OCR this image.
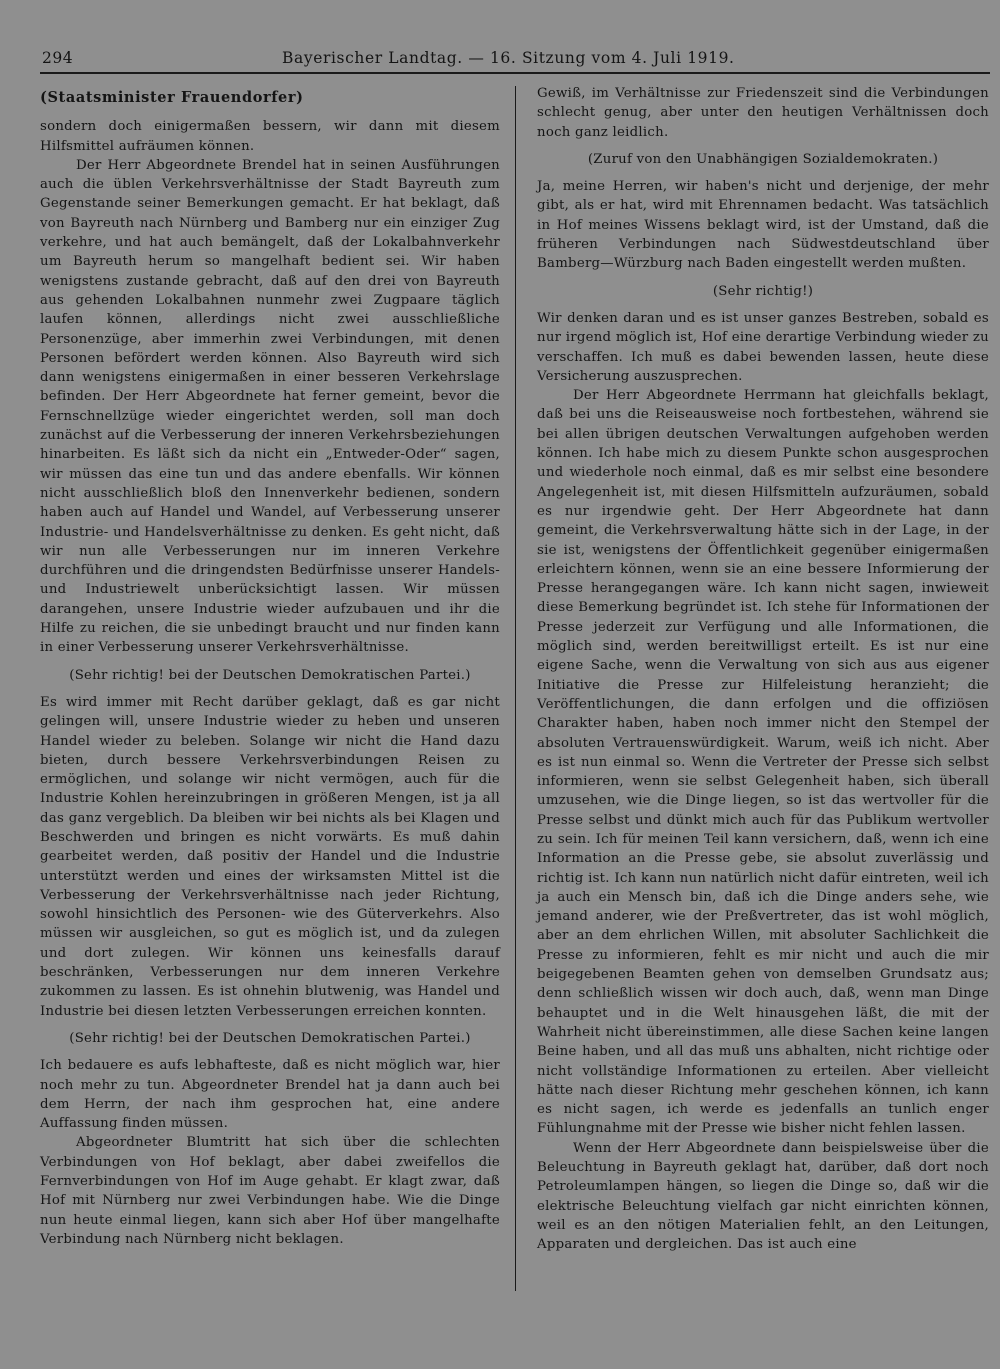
294	Bayerischer Landtag. — 16. Sitzung vom 4. Juli 1919.

(Staatsminister Frauendorfer)

sondern doch einigermaßen bessern, wir dann mit diesem Hilfsmittel aufräumen können.

Der Herr Abgeordnete Brendel hat in seinen Ausführungen auch die üblen Verkehrsverhältnisse der Stadt Bayreuth zum Gegenstande seiner Bemerkungen gemacht. Er hat beklagt, daß von Bayreuth nach Nürnberg und Bamberg nur ein einziger Zug verkehre, und hat auch bemängelt, daß der Lokalbahnverkehr um Bayreuth herum so mangelhaft bedient sei. Wir haben wenigstens zustande gebracht, daß auf den drei von Bayreuth aus gehenden Lokalbahnen nunmehr zwei Zugpaare täglich laufen können, allerdings nicht zwei ausschließliche Personenzüge, aber immerhin zwei Verbindungen, mit denen Personen befördert werden können. Also Bayreuth wird sich dann wenigstens einigermaßen in einer besseren Verkehrslage befinden. Der Herr Abgeordnete hat ferner gemeint, bevor die Fernschnellzüge wieder eingerichtet werden, soll man doch zunächst auf die Verbesserung der inneren Verkehrsbeziehungen hinarbeiten. Es läßt sich da nicht ein „Entweder-Oder“ sagen, wir müssen das eine tun und das andere ebenfalls. Wir können nicht ausschließlich bloß den Innenverkehr bedienen, sondern haben auch auf Handel und Wandel, auf Verbesserung unserer Industrie- und Handelsverhältnisse zu denken. Es geht nicht, daß wir nun alle Verbesserungen nur im inneren Verkehre durchführen und die dringendsten Bedürfnisse unserer Handels- und Industriewelt unberücksichtigt lassen. Wir müssen darangehen, unsere Industrie wieder aufzubauen und ihr die Hilfe zu reichen, die sie unbedingt braucht und nur finden kann in einer Verbesserung unserer Verkehrsverhältnisse.

(Sehr richtig! bei der Deutschen Demokratischen Partei.)

Es wird immer mit Recht darüber geklagt, daß es gar nicht gelingen will, unsere Industrie wieder zu heben und unseren Handel wieder zu beleben. Solange wir nicht die Hand dazu bieten, durch bessere Verkehrsverbindungen Reisen zu ermöglichen, und solange wir nicht vermögen, auch für die Industrie Kohlen hereinzubringen in größeren Mengen, ist ja all das ganz vergeblich. Da bleiben wir bei nichts als bei Klagen und Beschwerden und bringen es nicht vorwärts. Es muß dahin gearbeitet werden, daß positiv der Handel und die Industrie unterstützt werden und eines der wirksamsten Mittel ist die Verbesserung der Verkehrsverhältnisse nach jeder Richtung, sowohl hinsichtlich des Personen- wie des Güterverkehrs. Also müssen wir ausgleichen, so gut es möglich ist, und da zulegen und dort zulegen. Wir können uns keinesfalls darauf beschränken, Verbesserungen nur dem inneren Verkehre zukommen zu lassen. Es ist ohnehin blutwenig, was Handel und Industrie bei diesen letzten Verbesserungen erreichen konnten.

(Sehr richtig! bei der Deutschen Demokratischen Partei.)

Ich bedauere es aufs lebhafteste, daß es nicht möglich war, hier noch mehr zu tun. Abgeordneter Brendel hat ja dann auch bei dem Herrn, der nach ihm gesprochen hat, eine andere Auffassung finden müssen.

Abgeordneter Blumtritt hat sich über die schlechten Verbindungen von Hof beklagt, aber dabei zweifellos die Fernverbindungen von Hof im Auge gehabt. Er klagt zwar, daß Hof mit Nürnberg nur zwei Verbindungen habe. Wie die Dinge nun heute einmal liegen, kann sich aber Hof über mangelhafte Verbindung nach Nürnberg nicht beklagen.

Gewiß, im Verhältnisse zur Friedenszeit sind die Verbindungen schlecht genug, aber unter den heutigen Verhältnissen doch noch ganz leidlich.

(Zuruf von den Unabhängigen Sozialdemokraten.)

Ja, meine Herren, wir haben's nicht und derjenige, der mehr gibt, als er hat, wird mit Ehrennamen bedacht. Was tatsächlich in Hof meines Wissens beklagt wird, ist der Umstand, daß die früheren Verbindungen nach Südwestdeutschland über Bamberg—Würzburg nach Baden eingestellt werden mußten.

(Sehr richtig!)

Wir denken daran und es ist unser ganzes Bestreben, sobald es nur irgend möglich ist, Hof eine derartige Verbindung wieder zu verschaffen. Ich muß es dabei bewenden lassen, heute diese Versicherung auszusprechen.

Der Herr Abgeordnete Herrmann hat gleichfalls beklagt, daß bei uns die Reiseausweise noch fortbestehen, während sie bei allen übrigen deutschen Verwaltungen aufgehoben werden können. Ich habe mich zu diesem Punkte schon ausgesprochen und wiederhole noch einmal, daß es mir selbst eine besondere Angelegenheit ist, mit diesen Hilfsmitteln aufzuräumen, sobald es nur irgendwie geht. Der Herr Abgeordnete hat dann gemeint, die Verkehrsverwaltung hätte sich in der Lage, in der sie ist, wenigstens der Öffentlichkeit gegenüber einigermaßen erleichtern können, wenn sie an eine bessere Informierung der Presse herangegangen wäre. Ich kann nicht sagen, inwieweit diese Bemerkung begründet ist. Ich stehe für Informationen der Presse jederzeit zur Verfügung und alle Informationen, die möglich sind, werden bereitwilligst erteilt. Es ist nur eine eigene Sache, wenn die Verwaltung von sich aus aus eigener Initiative die Presse zur Hilfeleistung heranzieht; die Veröffentlichungen, die dann erfolgen und die offiziösen Charakter haben, haben noch immer nicht den Stempel der absoluten Vertrauenswürdigkeit. Warum, weiß ich nicht. Aber es ist nun einmal so. Wenn die Vertreter der Presse sich selbst informieren, wenn sie selbst Gelegenheit haben, sich überall umzusehen, wie die Dinge liegen, so ist das wertvoller für die Presse selbst und dünkt mich auch für das Publikum wertvoller zu sein. Ich für meinen Teil kann versichern, daß, wenn ich eine Information an die Presse gebe, sie absolut zuverlässig und richtig ist. Ich kann nun natürlich nicht dafür eintreten, weil ich ja auch ein Mensch bin, daß ich die Dinge anders sehe, wie jemand anderer, wie der Preßvertreter, das ist wohl möglich, aber an dem ehrlichen Willen, mit absoluter Sachlichkeit die Presse zu informieren, fehlt es mir nicht und auch die mir beigegebenen Beamten gehen von demselben Grundsatz aus; denn schließlich wissen wir doch auch, daß, wenn man Dinge behauptet und in die Welt hinausgehen läßt, die mit der Wahrheit nicht übereinstimmen, alle diese Sachen keine langen Beine haben, und all das muß uns abhalten, nicht richtige oder nicht vollständige Informationen zu erteilen. Aber vielleicht hätte nach dieser Richtung mehr geschehen können, ich kann es nicht sagen, ich werde es jedenfalls an tunlich enger Fühlungnahme mit der Presse wie bisher nicht fehlen lassen.

Wenn der Herr Abgeordnete dann beispielsweise über die Beleuchtung in Bayreuth geklagt hat, darüber, daß dort noch Petroleumlampen hängen, so liegen die Dinge so, daß wir die elektrische Beleuchtung vielfach gar nicht einrichten können, weil es an den nötigen Materialien fehlt, an den Leitungen, Apparaten und dergleichen. Das ist auch eine
